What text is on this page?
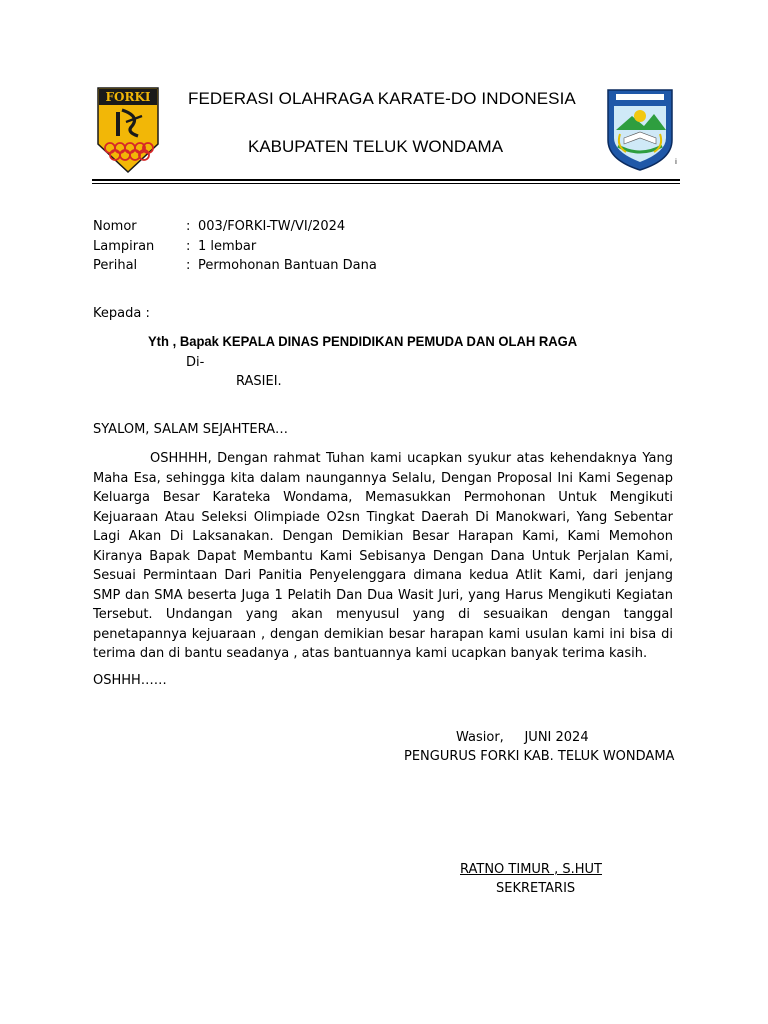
FORKI FEDERASI OLAHRAGA KARATE-DO INDONESIA
KABUPATEN TELUK WONDAMA
i
Nomor	: 003/FORKI-TW/VI/2024
Lampiran	: 1 lembar
Perihal	: Permohonan Bantuan Dana
Kepada :
Yth , Bapak KEPALA DINAS PENDIDIKAN PEMUDA DAN OLAH RAGA
Di-
RASIEI.
SYALOM, SALAM SEJAHTERA…
OSHHHH, Dengan rahmat Tuhan kami ucapkan syukur atas kehendaknya Yang Maha Esa, sehingga kita dalam naungannya Selalu, Dengan Proposal Ini Kami Segenap Keluarga Besar Karateka Wondama, Memasukkan Permohonan Untuk Mengikuti Kejuaraan Atau Seleksi Olimpiade O2sn Tingkat Daerah Di Manokwari, Yang Sebentar Lagi Akan Di Laksanakan. Dengan Demikian Besar Harapan Kami, Kami Memohon Kiranya Bapak Dapat Membantu Kami Sebisanya Dengan Dana Untuk Perjalan Kami, Sesuai Permintaan Dari Panitia Penyelenggara dimana kedua Atlit Kami, dari jenjang SMP dan SMA beserta Juga 1 Pelatih Dan Dua Wasit Juri, yang Harus Mengikuti Kegiatan Tersebut. Undangan yang akan menyusul yang di sesuaikan dengan tanggal penetapannya kejuaraan , dengan demikian besar harapan kami usulan kami ini bisa di terima dan di bantu seadanya , atas bantuannya kami ucapkan banyak terima kasih.
OSHHH……
Wasior,     JUNI 2024
PENGURUS FORKI KAB. TELUK WONDAMA
RATNO TIMUR , S.HUT
SEKRETARIS
